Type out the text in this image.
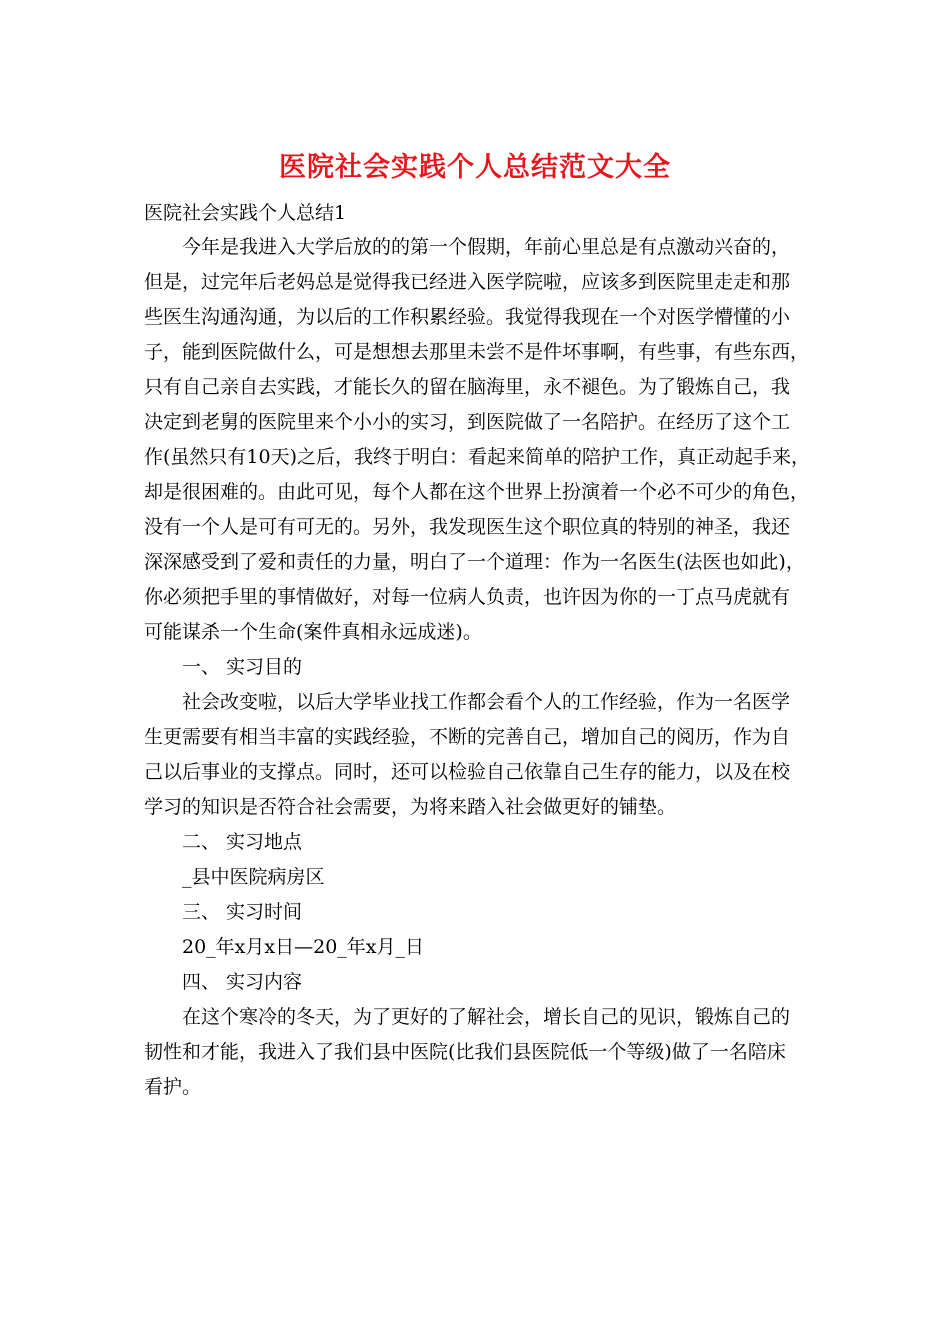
医院社会实践个人总结范文大全
医院社会实践个人总结1
今年是我进入大学后放的的第一个假期，年前心里总是有点激动兴奋的，
但是，过完年后老妈总是觉得我已经进入医学院啦，应该多到医院里走走和那
些医生沟通沟通，为以后的工作积累经验。我觉得我现在一个对医学懵懂的小
子，能到医院做什么，可是想想去那里未尝不是件坏事啊，有些事，有些东西，
只有自己亲自去实践，才能长久的留在脑海里，永不褪色。为了锻炼自己，我
决定到老舅的医院里来个小小的实习，到医院做了一名陪护。在经历了这个工
作(虽然只有10天)之后，我终于明白：看起来简单的陪护工作，真正动起手来，
却是很困难的。由此可见，每个人都在这个世界上扮演着一个必不可少的角色，
没有一个人是可有可无的。另外，我发现医生这个职位真的特别的神圣，我还
深深感受到了爱和责任的力量，明白了一个道理：作为一名医生(法医也如此)，
你必须把手里的事情做好，对每一位病人负责，也许因为你的一丁点马虎就有
可能谋杀一个生命(案件真相永远成迷)。
一、 实习目的
社会改变啦，以后大学毕业找工作都会看个人的工作经验，作为一名医学
生更需要有相当丰富的实践经验，不断的完善自己，增加自己的阅历，作为自
己以后事业的支撑点。同时，还可以检验自己依靠自己生存的能力，以及在校
学习的知识是否符合社会需要，为将来踏入社会做更好的铺垫。
二、 实习地点
_县中医院病房区
三、 实习时间
20_年x月x日—20_年x月_日
四、 实习内容
在这个寒冷的冬天，为了更好的了解社会，增长自己的见识，锻炼自己的
韧性和才能，我进入了我们县中医院(比我们县医院低一个等级)做了一名陪床
看护。
